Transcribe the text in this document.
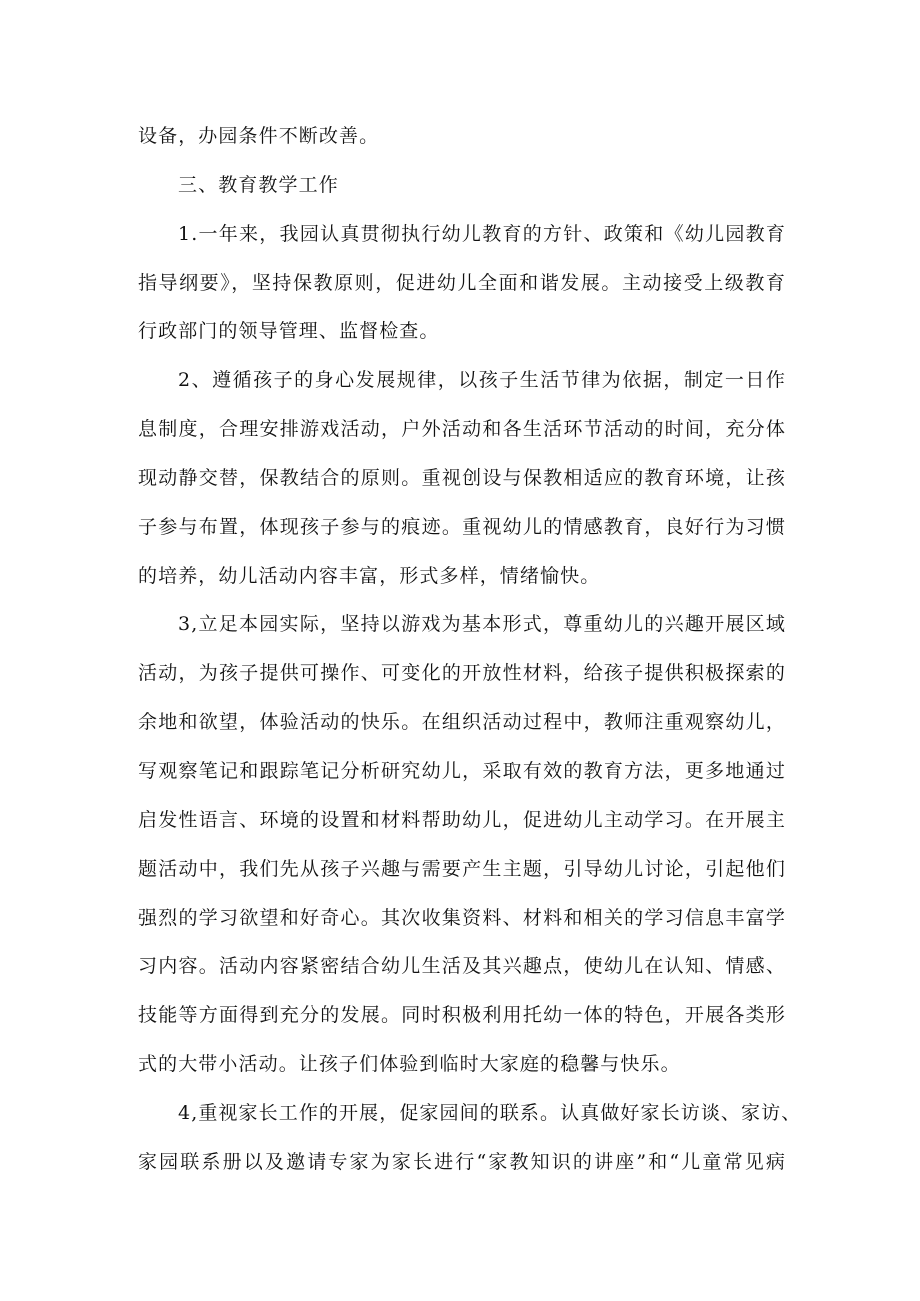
设备，办园条件不断改善。
三、教育教学工作
1.一年来，我园认真贯彻执行幼儿教育的方针、政策和《幼儿园教育
指导纲要》，坚持保教原则，促进幼儿全面和谐发展。主动接受上级教育
行政部门的领导管理、监督检查。
2、遵循孩子的身心发展规律，以孩子生活节律为依据，制定一日作
息制度，合理安排游戏活动，户外活动和各生活环节活动的时间，充分体
现动静交替，保教结合的原则。重视创设与保教相适应的教育环境，让孩
子参与布置，体现孩子参与的痕迹。重视幼儿的情感教育，良好行为习惯
的培养，幼儿活动内容丰富，形式多样，情绪愉快。
3,立足本园实际，坚持以游戏为基本形式，尊重幼儿的兴趣开展区域
活动，为孩子提供可操作、可变化的开放性材料，给孩子提供积极探索的
余地和欲望，体验活动的快乐。在组织活动过程中，教师注重观察幼儿，
写观察笔记和跟踪笔记分析研究幼儿，采取有效的教育方法，更多地通过
启发性语言、环境的设置和材料帮助幼儿，促进幼儿主动学习。在开展主
题活动中，我们先从孩子兴趣与需要产生主题，引导幼儿讨论，引起他们
强烈的学习欲望和好奇心。其次收集资料、材料和相关的学习信息丰富学
习内容。活动内容紧密结合幼儿生活及其兴趣点，使幼儿在认知、情感、
技能等方面得到充分的发展。同时积极利用托幼一体的特色，开展各类形
式的大带小活动。让孩子们体验到临时大家庭的稳馨与快乐。
4,重视家长工作的开展，促家园间的联系。认真做好家长访谈、家访、
家园联系册以及邀请专家为家长进行“家教知识的讲座”和“儿童常见病
